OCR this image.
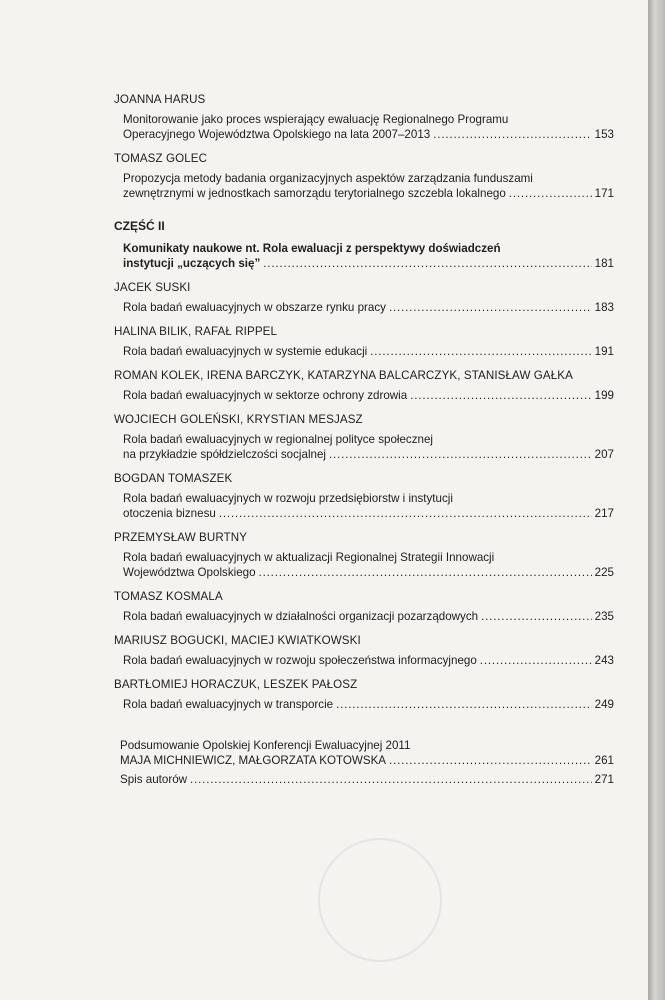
JOANNA HARUS
Monitorowanie jako proces wspierający ewaluację Regionalnego Programu
Operacyjnego Województwa Opolskiego na lata 2007–2013 . . .	153
TOMASZ GOLEC
Propozycja metody badania organizacyjnych aspektów zarządzania funduszami
zewnętrznymi w jednostkach samorządu terytorialnego szczebla lokalnego . . .	171
CZĘŚĆ II
Komunikaty naukowe nt. Rola ewaluacji z perspektywy doświadczeń
instytucji „uczących się” . . .	181
JACEK SUSKI
Rola badań ewaluacyjnych w obszarze rynku pracy . . .	183
HALINA BILIK, RAFAŁ RIPPEL
Rola badań ewaluacyjnych w systemie edukacji . . .	191
ROMAN KOLEK, IRENA BARCZYK, KATARZYNA BALCARCZYK, STANISŁAW GAŁKA
Rola badań ewaluacyjnych w sektorze ochrony zdrowia . . .	199
WOJCIECH GOLEŃSKI, KRYSTIAN MESJASZ
Rola badań ewaluacyjnych w regionalnej polityce społecznej
na przykładzie spółdzielczości socjalnej . . .	207
BOGDAN TOMASZEK
Rola badań ewaluacyjnych w rozwoju przedsiębiorstw i instytucji
otoczenia biznesu . . .	217
PRZEMYSŁAW BURTNY
Rola badań ewaluacyjnych w aktualizacji Regionalnej Strategii Innowacji
Województwa Opolskiego . . .	225
TOMASZ KOSMALA
Rola badań ewaluacyjnych w działalności organizacji pozarządowych . . .	235
MARIUSZ BOGUCKI, MACIEJ KWIATKOWSKI
Rola badań ewaluacyjnych w rozwoju społeczeństwa informacyjnego . . .	243
BARTŁOMIEJ HORACZUK, LESZEK PAŁOSZ
Rola badań ewaluacyjnych w transporcie . . .	249
Podsumowanie Opolskiej Konferencji Ewaluacyjnej 2011
MAJA MICHNIEWICZ, MAŁGORZATA KOTOWSKA . . .	261
Spis autorów . . .	271
